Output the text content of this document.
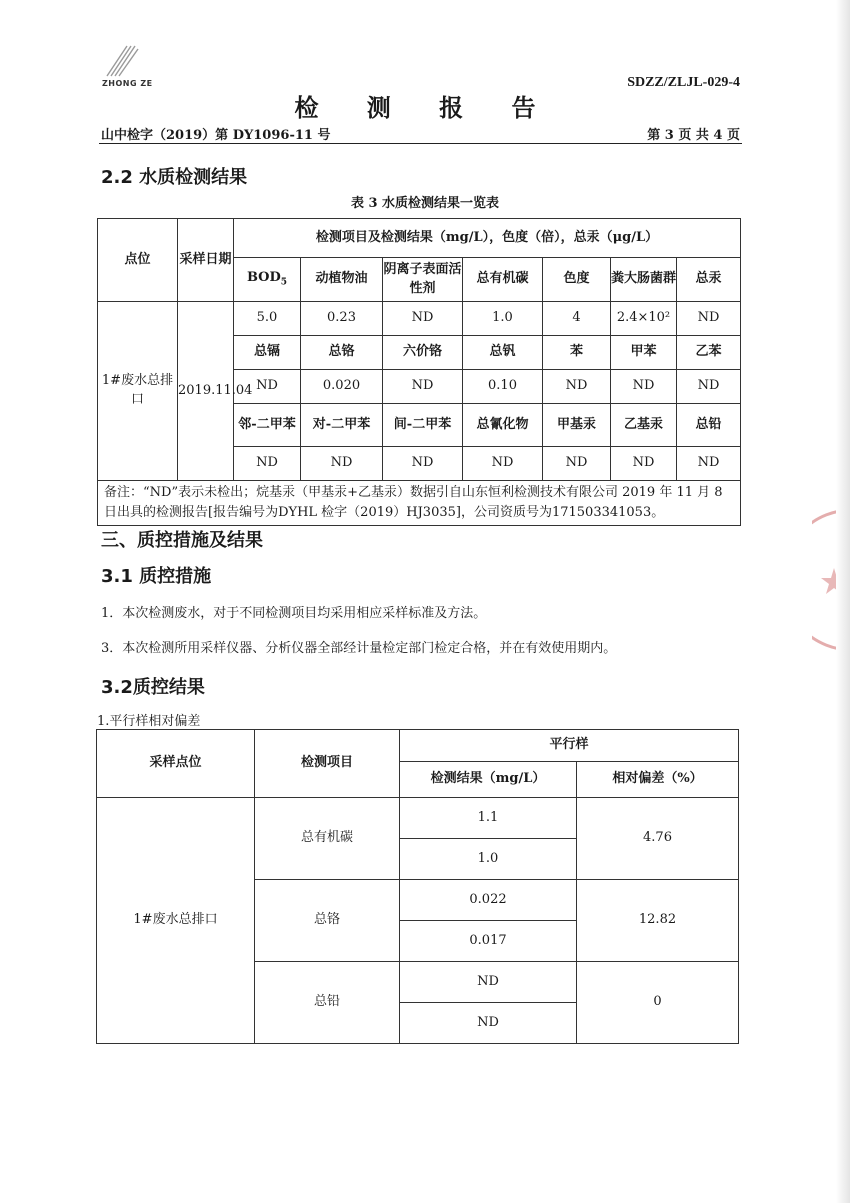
ZHONG ZE	SDZZ/ZLJL-029-4
检 测 报 告
山中检字（2019）第 DY1096-11 号	第 3 页 共 4 页
2.2 水质检测结果
表 3 水质检测结果一览表
点位	采样日期	检测项目及检测结果（mg/L），色度（倍），总汞（μg/L）						
		$BOD_5$	动植物油	阴离子表面活性剂	总有机碳	色度	粪大肠菌群	总汞
1#废水总排口	2019.11.04	5.0	0.23	ND	1.0	4	2.4×10²	ND
		总镉	总铬	六价铬	总钒	苯	甲苯	乙苯
		ND	0.020	ND	0.10	ND	ND	ND
		邻-二甲苯	对-二甲苯	间-二甲苯	总氰化物	甲基汞	乙基汞	总铅
		ND	ND	ND	ND	ND	ND	ND
备注：“ND”表示未检出；烷基汞（甲基汞+乙基汞）数据引自山东恒利检测技术有限公司 2019 年 11 月 8 日出具的检测报告[报告编号为DYHL 检字（2019）HJ3035]，公司资质号为171503341053。								
三、质控措施及结果
3.1 质控措施
1．本次检测废水，对于不同检测项目均采用相应采样标准及方法。
3．本次检测所用采样仪器、分析仪器全部经计量检定部门检定合格，并在有效使用期内。
3.2质控结果
1.平行样相对偏差
采样点位	检测项目	平行样	
		检测结果（mg/L）	相对偏差（%）
1#废水总排口	总有机碳	1.1	4.76
		1.0	
	总铬	0.022	12.82
		0.017	
	总铅	ND	0
		ND	
